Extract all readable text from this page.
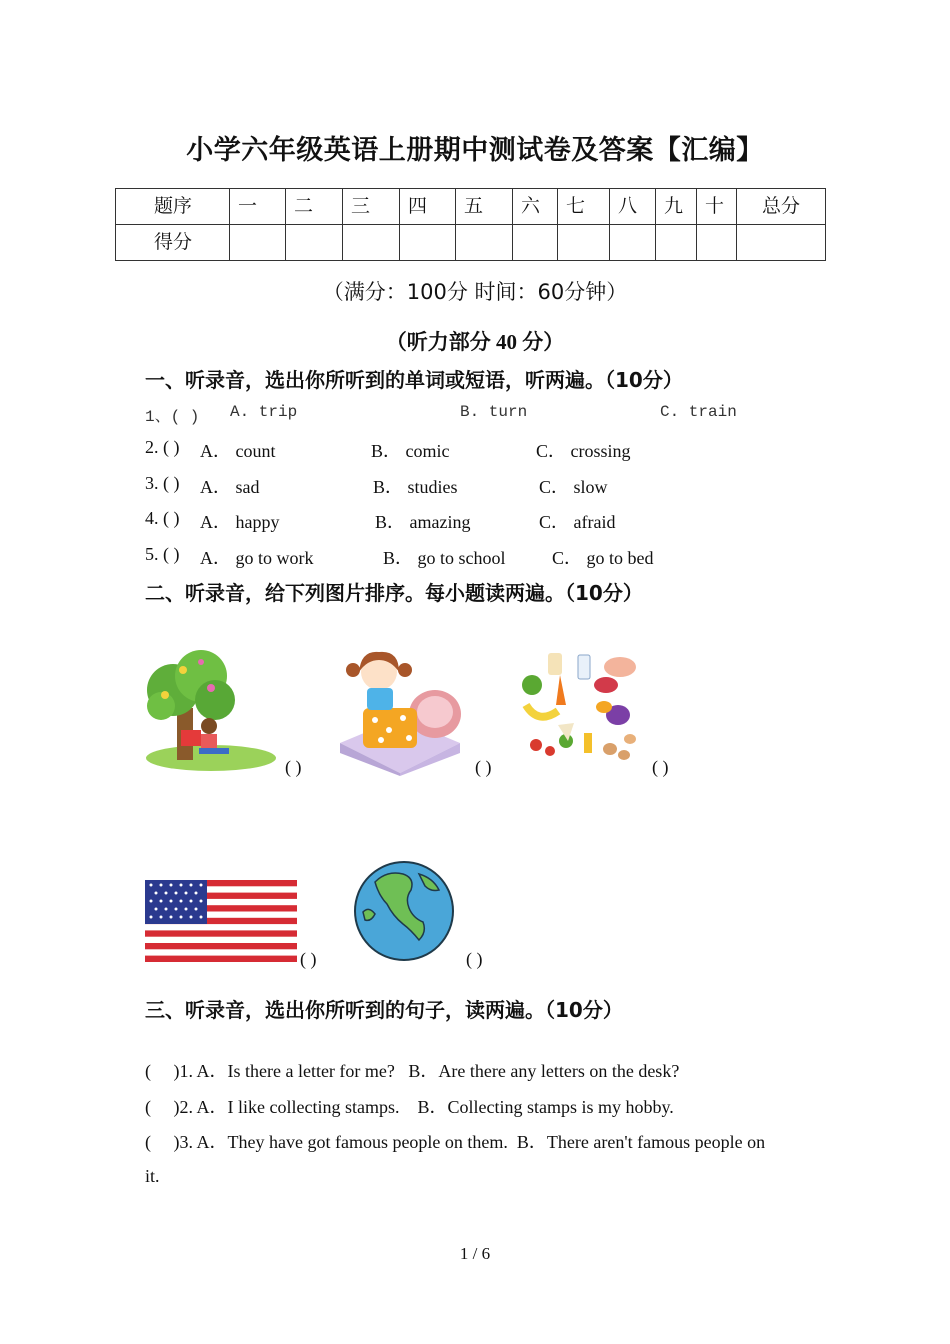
小学六年级英语上册期中测试卷及答案【汇编】
题序	一	二	三	四	五	六	七	八	九	十	总分
得分											
（满分：100分 时间：60分钟）
（听力部分 40 分）
一、听录音，选出你所听到的单词或短语，听两遍。（10分）
1、( ) A. trip	B. turn	C. train
2. ( ) A． count	B． comic	C． crossing
3. ( ) A． sad	B． studies	C． slow
4. ( ) A． happy	B． amazing	C． afraid
5. ( ) A． go to work	B． go to school	C． go to bed
二、听录音，给下列图片排序。每小题读两遍。（10分）
( )	( )	( )
( )	( )
三、听录音，选出你所听到的句子，读两遍。（10分）
(     )1. A．Is there a letter for me?   B．Are there any letters on the desk?
(     )2. A．I like collecting stamps.    B．Collecting stamps is my hobby.
(     )3. A．They have got famous people on them.  B．There aren't famous people on
it.
1 / 6
